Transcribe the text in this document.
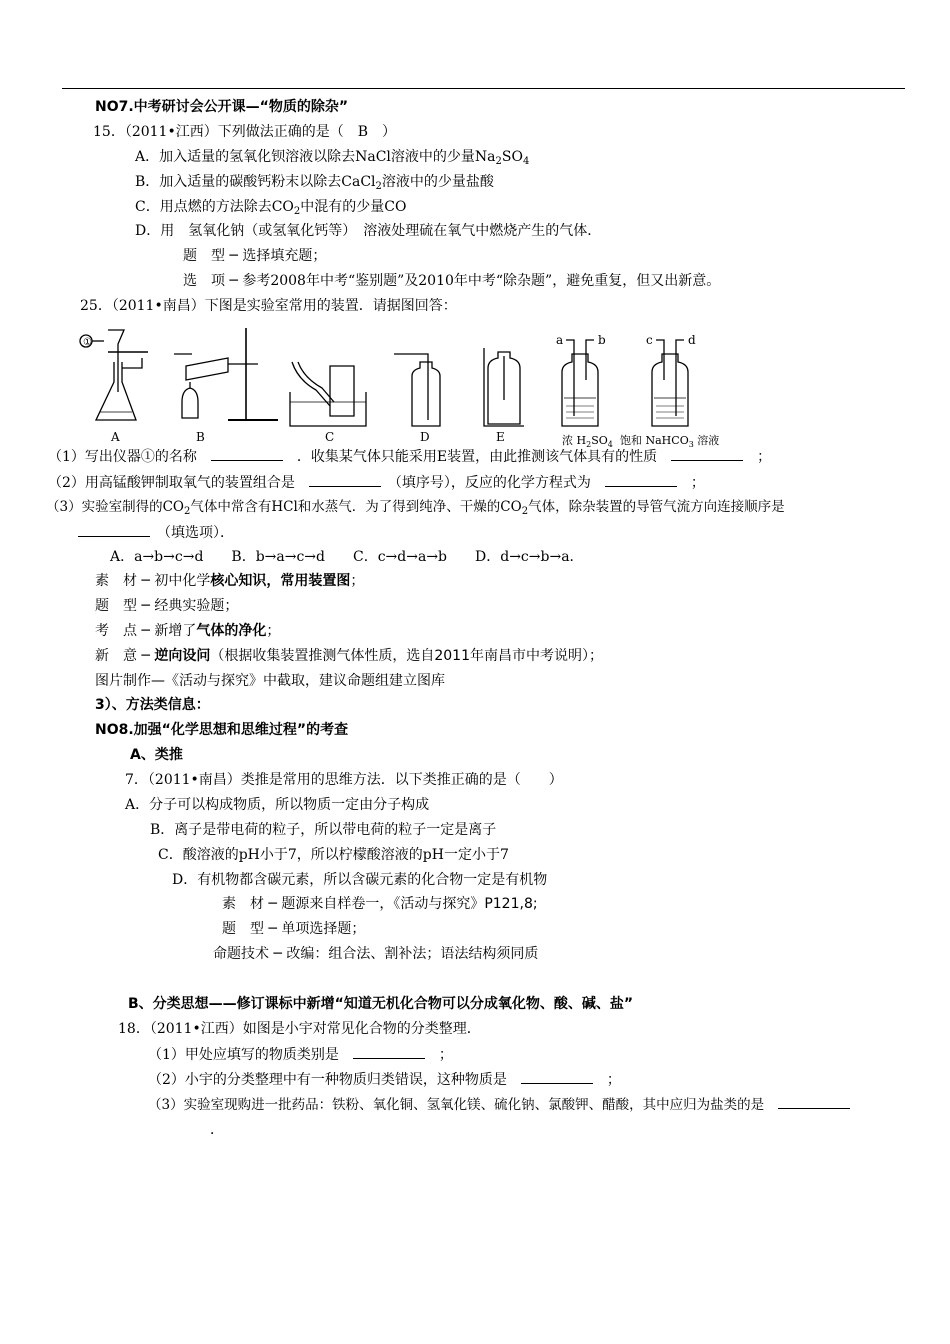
NO7.中考研讨会公开课—“物质的除杂”
15．（2011•江西）下列做法正确的是（　B　）
A．加入适量的氢氧化钡溶液以除去NaCl溶液中的少量$Na_2SO_4$
B．加入适量的碳酸钙粉末以除去CaCl$_2$溶液中的少量盐酸
C．用点燃的方法除去$CO_2$中混有的少量CO
D．用　氢氧化钠（或氢氧化钙等）　溶液处理硫在氧气中燃烧产生的气体．
题　型 ─ 选择填充题；
选　项 ─ 参考2008年中考“鉴别题”及2010年中考“除杂题”，避免重复，但又出新意。
25．（2011•南昌）下图是实验室常用的装置．请据图回答：
①
A	B	C	D	E
a	b	c	d
浓 $H_2SO_4$ 饱和 NaHCO$_3$ 溶液
（1）写出仪器①的名称　　	．收集某气体只能采用E装置，由此推测该气体具有的性质　　	；
（2）用高锰酸钾制取氧气的装置组合是　　	（填序号），反应的化学方程式为　　	；
（3）实验室制得的$CO_2$气体中常含有HCl和水蒸气．为了得到纯净、干燥的$CO_2$气体，除杂装置的导管气流方向连接顺序是
　（填选项）．
A．a→b→c→d　　B．b→a→c→d　　C．c→d→a→b　　D．d→c→b→a．
素　材 ─ 初中化学核心知识，常用装置图；
题　型 ─ 经典实验题；
考　点 ─ 新增了气体的净化；
新　意 ─ 逆向设问（根据收集装置推测气体性质，选自2011年南昌市中考说明）；
图片制作—《活动与探究》中截取，建议命题组建立图库
3）、方法类信息：
NO8.加强“化学思想和思维过程”的考查
A、类推
7．（2011•南昌）类推是常用的思维方法．以下类推正确的是（　　）
A．分子可以构成物质，所以物质一定由分子构成
B．离子是带电荷的粒子，所以带电荷的粒子一定是离子
C．酸溶液的pH小于7，所以柠檬酸溶液的pH一定小于7
D．有机物都含碳元素，所以含碳元素的化合物一定是有机物
素　材 ─ 题源来自样卷一，《活动与探究》P121,8;
题　型 ─ 单项选择题；
命题技术 ─ 改编：组合法、割补法；语法结构须同质
B、分类思想——修订课标中新增“知道无机化合物可以分成氧化物、酸、碱、盐”
18．（2011•江西）如图是小宇对常见化合物的分类整理．
（1）甲处应填写的物质类别是　　	；
（2）小宇的分类整理中有一种物质归类错误，这种物质是　　	；
（3）实验室现购进一批药品：铁粉、氧化铜、氢氧化镁、硫化钠、氯酸钾、醋酸，其中应归为盐类的是　
．
